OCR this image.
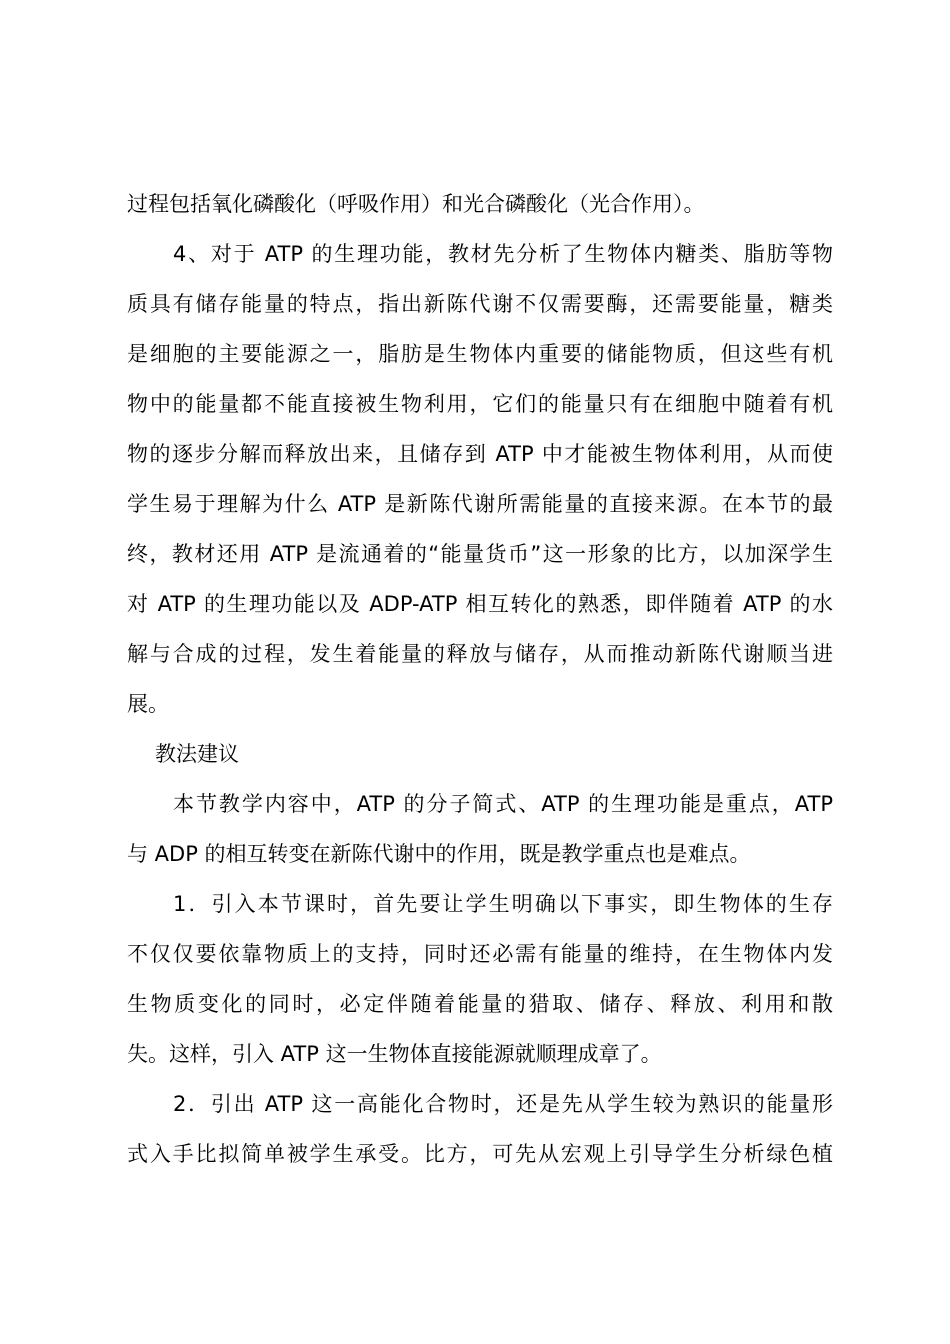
过程包括氧化磷酸化（呼吸作用）和光合磷酸化（光合作用）。
4、对于 ATP 的生理功能，教材先分析了生物体内糖类、脂肪等物
质具有储存能量的特点，指出新陈代谢不仅需要酶，还需要能量，糖类
是细胞的主要能源之一，脂肪是生物体内重要的储能物质，但这些有机
物中的能量都不能直接被生物利用，它们的能量只有在细胞中随着有机
物的逐步分解而释放出来，且储存到 ATP 中才能被生物体利用，从而使
学生易于理解为什么 ATP 是新陈代谢所需能量的直接来源。在本节的最
终，教材还用 ATP 是流通着的“能量货币”这一形象的比方，以加深学生
对 ATP 的生理功能以及 ADP-ATP 相互转化的熟悉，即伴随着 ATP 的水
解与合成的过程，发生着能量的释放与储存，从而推动新陈代谢顺当进
展。
教法建议
本节教学内容中，ATP 的分子简式、ATP 的生理功能是重点，ATP
与 ADP 的相互转变在新陈代谢中的作用，既是教学重点也是难点。
1．引入本节课时，首先要让学生明确以下事实，即生物体的生存
不仅仅要依靠物质上的支持，同时还必需有能量的维持，在生物体内发
生物质变化的同时，必定伴随着能量的猎取、储存、释放、利用和散
失。这样，引入 ATP 这一生物体直接能源就顺理成章了。
2．引出 ATP 这一高能化合物时，还是先从学生较为熟识的能量形
式入手比拟简单被学生承受。比方，可先从宏观上引导学生分析绿色植
